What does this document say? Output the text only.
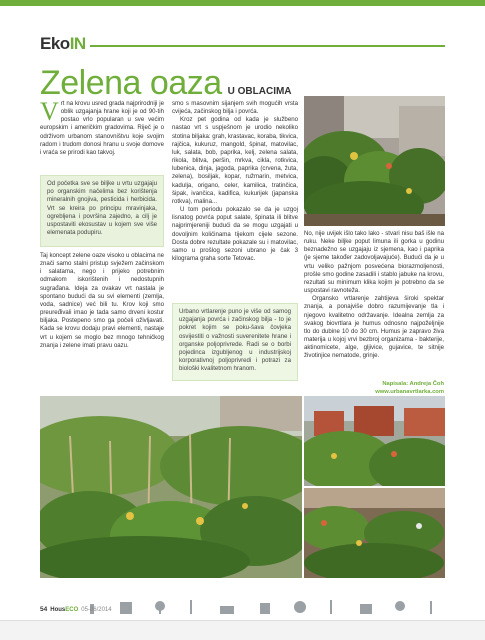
EkoIN
Zelena oaza U OBLACIMA
V rt na krovu usred grada najprirodniji je oblik uzgajanja hrane koji je od 90-tih postao vrlo popularan u sve većim europskim i američkim gradovima. Riječ je o održivom urbanom stanovništvu koje svojim radom i trudom donosi hranu u svoje domove i vraća se prirodi kao takvoj.

Od početka sve se biljke u vrtu uzgajaju po organskim načelima bez korištenja mineralnih gnojiva, pesticida i herbicida. Vrt se kreira po principu mravinjaka, ogrebljena i površina zajedno, a cilj je uspostaviti ekosustav u kojem sve više elemenata podupiru.

Taj koncept zelene oaze visoko u oblacima ne znači samo stalni pristup svježem začinskom i salatama, nego i prijeko potrebnim odmakom iskorištenih i nedostupnih sugrađana. Ideja za ovakav vrt nastala je spontano budući da su svi elementi (zemlja, voda, sadnice) već bili tu. Krov koji smo preuređivali imao je tada samo drveni kostur biljaka. Postepeno smo ga počeli oživljavati. Kada se krovu dodaju pravi elementi, nastaje vrt u kojem se moglo bez mnogo tehničkog znanja i zelene imati pravu oazu.

smo s masovnim sijanjem svih mogućih vrsta cvijeća, začinskog bilja i povrća.

Kroz pet godina od kada je službeno nastao vrt s uspješnom je urodio nekoliko stotina biljaka: grah, krastavac, koraba, tikvica, rajčica, kukuruz, mangold, špinat, matovilac, luk, salata, bob, paprika, kelj, zelena salata, rikola, blitva, peršin, mrkva, cikla, rotkvica, lubenica, dinja, jagoda, paprika (crvena, žuta, zelena), bosiljak, kopar, ružmarin, metvica, kadulja, origano, celer, kamilica, tratinčica, šipak, ivančica, kadifica, kukurijek (japanska rotkva), malina...

U tom periodu pokazalo se da je uzgoj lisnatog povrća poput salate, špinata ili blitve najprimjereniji budući da se mogu uzgajati u dovoljnim količinama tijekom cijele sezone. Dosta dobre rezultate pokazale su i matovilac, samo u prošlog sezoni ubrano je čak 3 kilograma graha sorte Tetovac.

Urbano vrtlarenje puno je više od samog uzgajanja povrća i začinskog bilja - to je pokret kojim se poku-šava čovjeka osvijestiti o važnosti suverenitete hrane i organske poljoprivrede. Radi se o borbi pojedinca izgubljenog u industrijskoj korporativnoj poljoprivredi i potrazi za biološki kvalitetnom hranom.

No, nije uvijek išlo tako lako - stvari nisu baš išle na ruku. Neke biljke poput limuna ili gorka u godinu beznadežno se uzgajaju iz sjemena, kao i paprika (je sjeme također zadovoljavajuće). Budući da je u vrtu veliko pažnjom posvećena biorazmoljenosti, prošle smo godine zasadili i stablo jabuke na krovu, rezultati su minimum klika kojim je potrebno da se uspostavi ravnoteža.

Organsko vrtlarenje zahtijeva široki spektar znanja, a ponajviše dobro razumijevanje tla i njegovo kvalitetno održavanje. Idealna zemlja za svakog biovrtlara je humus odnosno najpoželjnije tlo do dubine 10 do 30 cm. Humus je zapravo živa materija u kojoj vrvi bezbroj organizama - bakterije, aktinomicete, alge, gljivice, gujavice, te sitnije životinjice nematode, grinje.

Napisala: Andreja Čoh
www.urbanavrtlarka.com
54 HousECO 05-06/2014
